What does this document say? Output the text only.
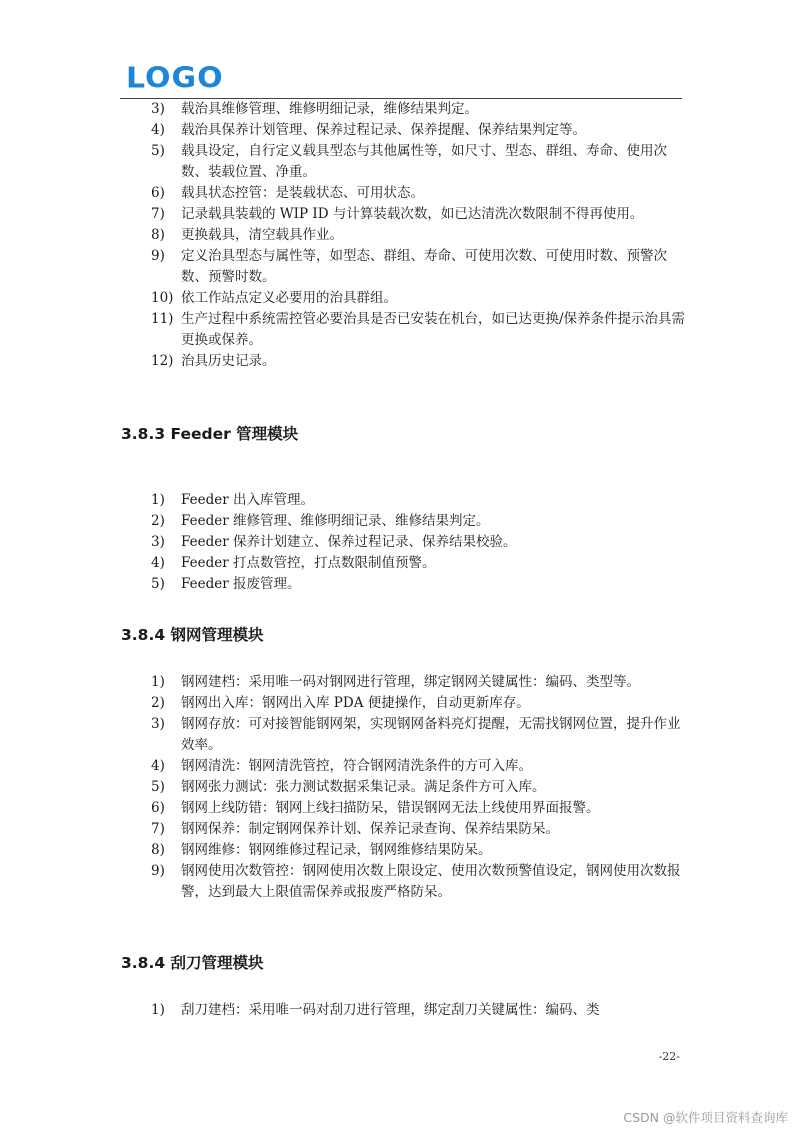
LOGO
3)	载治具维修管理、维修明细记录，维修结果判定。
4)	载治具保养计划管理、保养过程记录、保养提醒、保养结果判定等。
5)	载具设定，自行定义载具型态与其他属性等，如尺寸、型态、群组、寿命、使用次数、装载位置、净重。
6)	载具状态控管：是装载状态、可用状态。
7)	记录载具装载的 WIP ID 与计算装载次数，如已达清洗次数限制不得再使用。
8)	更换载具，清空载具作业。
9)	定义治具型态与属性等，如型态、群组、寿命、可使用次数、可使用时数、预警次数、预警时数。
10) 依工作站点定义必要用的治具群组。
11) 生产过程中系统需控管必要治具是否已安装在机台，如已达更换/保养条件提示治具需更换或保养。
12) 治具历史记录。
3.8.3 Feeder 管理模块
1)	Feeder 出入库管理。
2)	Feeder 维修管理、维修明细记录、维修结果判定。
3)	Feeder 保养计划建立、保养过程记录、保养结果校验。
4)	Feeder 打点数管控，打点数限制值预警。
5)	Feeder 报废管理。
3.8.4 钢网管理模块
1)	钢网建档：采用唯一码对钢网进行管理，绑定钢网关键属性：编码、类型等。
2)	钢网出入库：钢网出入库 PDA 便捷操作，自动更新库存。
3)	钢网存放：可对接智能钢网架，实现钢网备料亮灯提醒，无需找钢网位置，提升作业效率。
4)	钢网清洗：钢网清洗管控，符合钢网清洗条件的方可入库。
5)	钢网张力测试：张力测试数据采集记录。满足条件方可入库。
6)	钢网上线防错：钢网上线扫描防呆，错误钢网无法上线使用界面报警。
7)	钢网保养：制定钢网保养计划、保养记录查询、保养结果防呆。
8)	钢网维修：钢网维修过程记录，钢网维修结果防呆。
9)	钢网使用次数管控：钢网使用次数上限设定、使用次数预警值设定，钢网使用次数报警，达到最大上限值需保养或报废严格防呆。
3.8.4 刮刀管理模块
1)	刮刀建档：采用唯一码对刮刀进行管理，绑定刮刀关键属性：编码、类
-22-
CSDN @软件项目资料查询库
